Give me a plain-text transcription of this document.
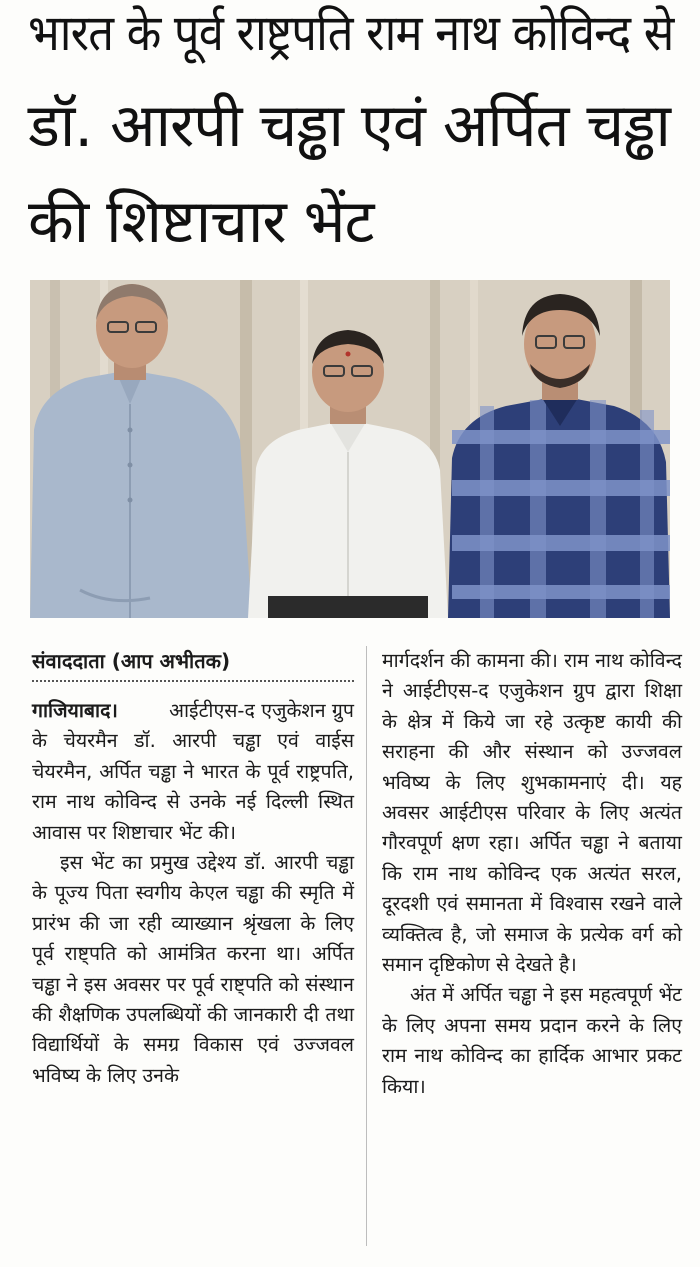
भारत के पूर्व राष्ट्रपति राम नाथ कोविन्द से
डॉ. आरपी चड्ढा एवं अर्पित चड्ढा
की शिष्टाचार भेंट
संवाददाता (आप अभीतक)

गाजियाबाद।	आईटीएस-द एजुकेशन ग्रुप के चेयरमैन डॉ. आरपी चड्ढा एवं वाईस चेयरमैन, अर्पित चड्ढा ने भारत के पूर्व राष्ट्रपति, राम नाथ कोविन्द से उनके नई दिल्ली स्थित आवास पर शिष्टाचार भेंट की।

इस भेंट का प्रमुख उद्देश्य डॉ. आरपी चड्ढा के पूज्य पिता स्वगीय केएल चड्ढा की स्मृति में प्रारंभ की जा रही व्याख्यान श्रृंखला के लिए पूर्व राष्ट्पति को आमंत्रित करना था। अर्पित चड्ढा ने इस अवसर पर पूर्व राष्ट्पति को संस्थान की शैक्षणिक उपलब्धियों की जानकारी दी तथा विद्यार्थियों के समग्र विकास एवं उज्जवल भविष्य के लिए उनके

मार्गदर्शन की कामना की। राम नाथ कोविन्द ने आईटीएस-द एजुकेशन ग्रुप द्वारा शिक्षा के क्षेत्र में किये जा रहे उत्कृष्ट कायी की सराहना की और संस्थान को उज्जवल भविष्य के लिए शुभकामनाएं दी। यह अवसर आईटीएस परिवार के लिए अत्यंत गौरवपूर्ण क्षण रहा। अर्पित चड्ढा ने बताया कि राम नाथ कोविन्द एक अत्यंत सरल, दूरदशी एवं समानता में विश्वास रखने वाले व्यक्तित्व है, जो समाज के प्रत्येक वर्ग को समान दृष्टिकोण से देखते है।

अंत में अर्पित चड्ढा ने इस महत्वपूर्ण भेंट के लिए अपना समय प्रदान करने के लिए राम नाथ कोविन्द का हार्दिक आभार प्रकट किया।
